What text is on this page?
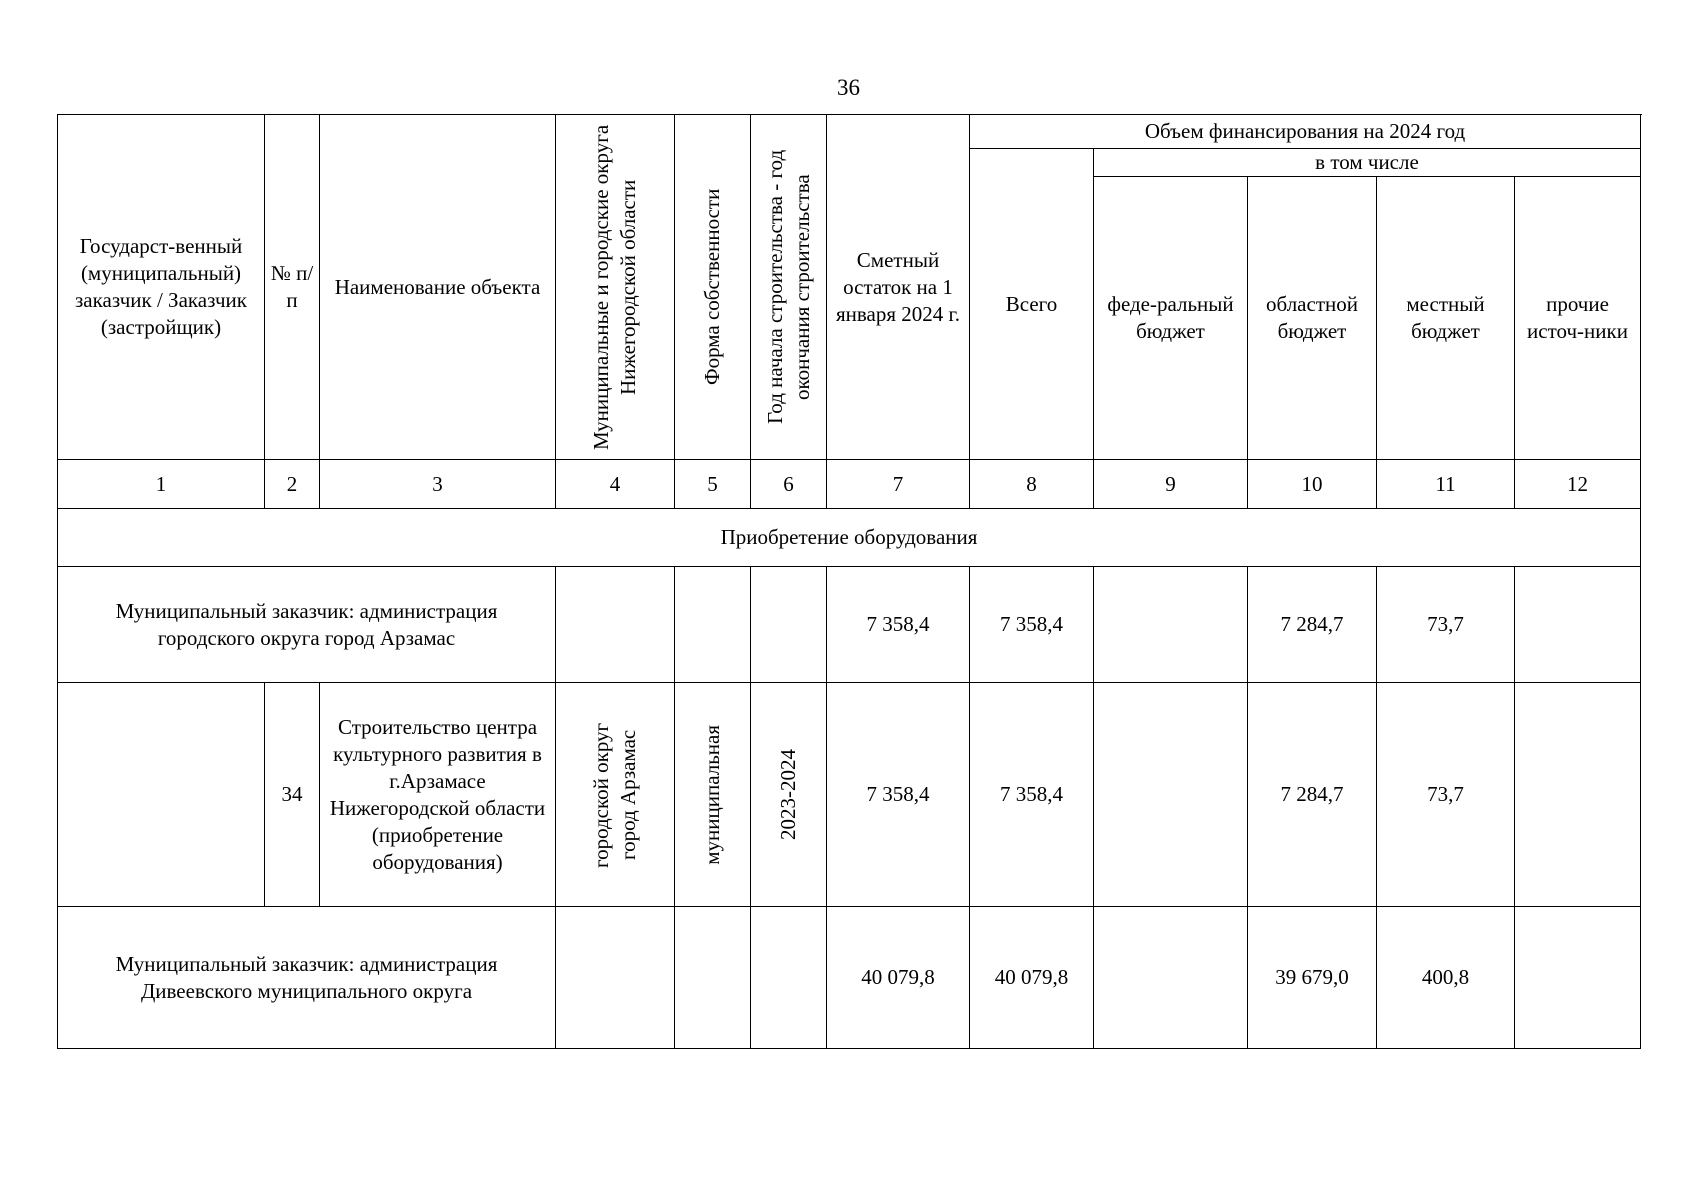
36
Государст-венный (муниципальный) заказчик / Заказчик (застройщик)	№ п/п	Наименование объекта	Муниципальные и городские округа Нижегородской области	Форма собственности	Год начала строительства - год окончания строительства	Сметный остаток на 1 января 2024 г.	Объем финансирования на 2024 год				
							Всего	в том числе			
								феде-ральный бюджет	областной бюджет	местный бюджет	прочие источ-ники
1	2	3	4	5	6	7	8	9	10	11	12
Приобретение оборудования											
Муниципальный заказчик: администрация городского округа город Арзамас						7 358,4	7 358,4		7 284,7	73,7	
	34	Строительство центра культурного развития в г.Арзамасе Нижегородской области (приобретение оборудования)	городской округ город Арзамас	муниципальная	2023-2024	7 358,4	7 358,4		7 284,7	73,7	
Муниципальный заказчик: администрация Дивеевского муниципального округа						40 079,8	40 079,8		39 679,0	400,8	
